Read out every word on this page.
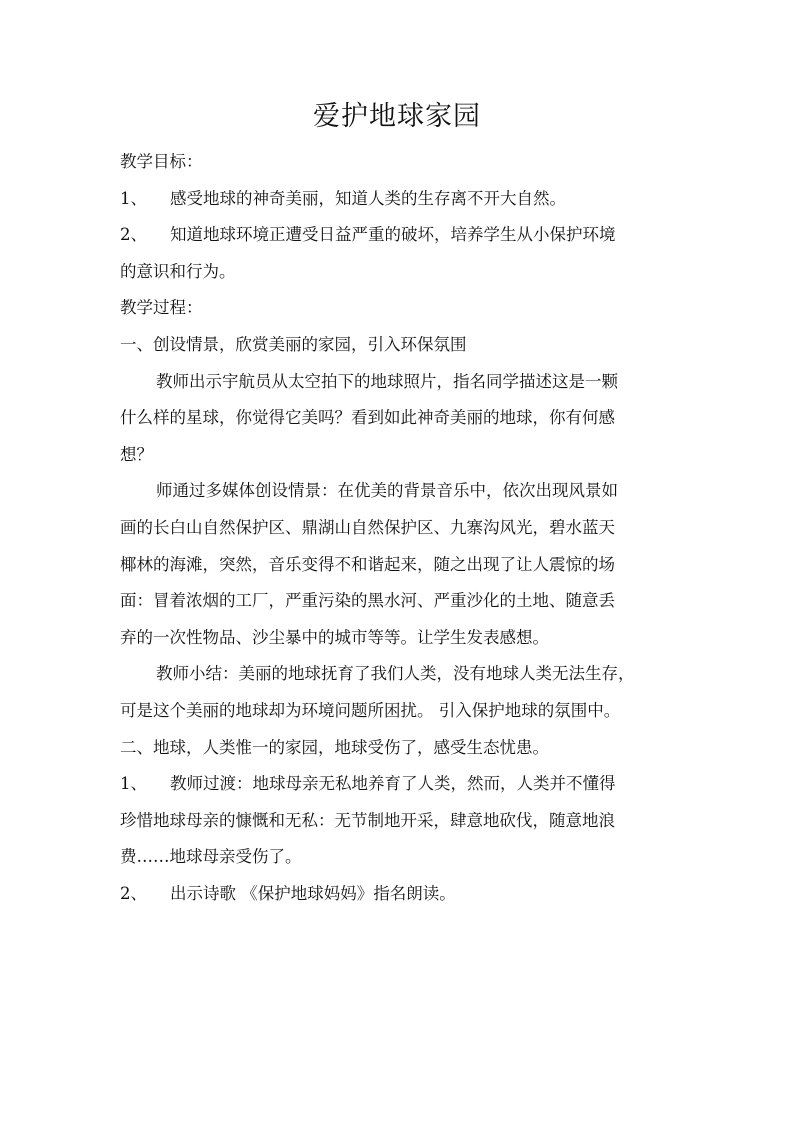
爱护地球家园

教学目标：

1、 感受地球的神奇美丽，知道人类的生存离不开大自然。

2、 知道地球环境正遭受日益严重的破坏，培养学生从小保护环境

的意识和行为。

教学过程：

一、创设情景，欣赏美丽的家园，引入环保氛围

教师出示宇航员从太空拍下的地球照片，指名同学描述这是一颗

什么样的星球，你觉得它美吗？看到如此神奇美丽的地球，你有何感

想？

师通过多媒体创设情景：在优美的背景音乐中，依次出现风景如

画的长白山自然保护区、鼎湖山自然保护区、九寨沟风光，碧水蓝天

椰林的海滩，突然，音乐变得不和谐起来，随之出现了让人震惊的场

面：冒着浓烟的工厂，严重污染的黑水河、严重沙化的土地、随意丢

弃的一次性物品、沙尘暴中的城市等等。让学生发表感想。

教师小结：美丽的地球抚育了我们人类，没有地球人类无法生存，

可是这个美丽的地球却为环境问题所困扰。 引入保护地球的氛围中。

二、地球，人类惟一的家园，地球受伤了，感受生态忧患。

1、 教师过渡：地球母亲无私地养育了人类，然而，人类并不懂得

珍惜地球母亲的慷慨和无私：无节制地开采，肆意地砍伐，随意地浪

费……地球母亲受伤了。

2、 出示诗歌 《保护地球妈妈》指名朗读。
